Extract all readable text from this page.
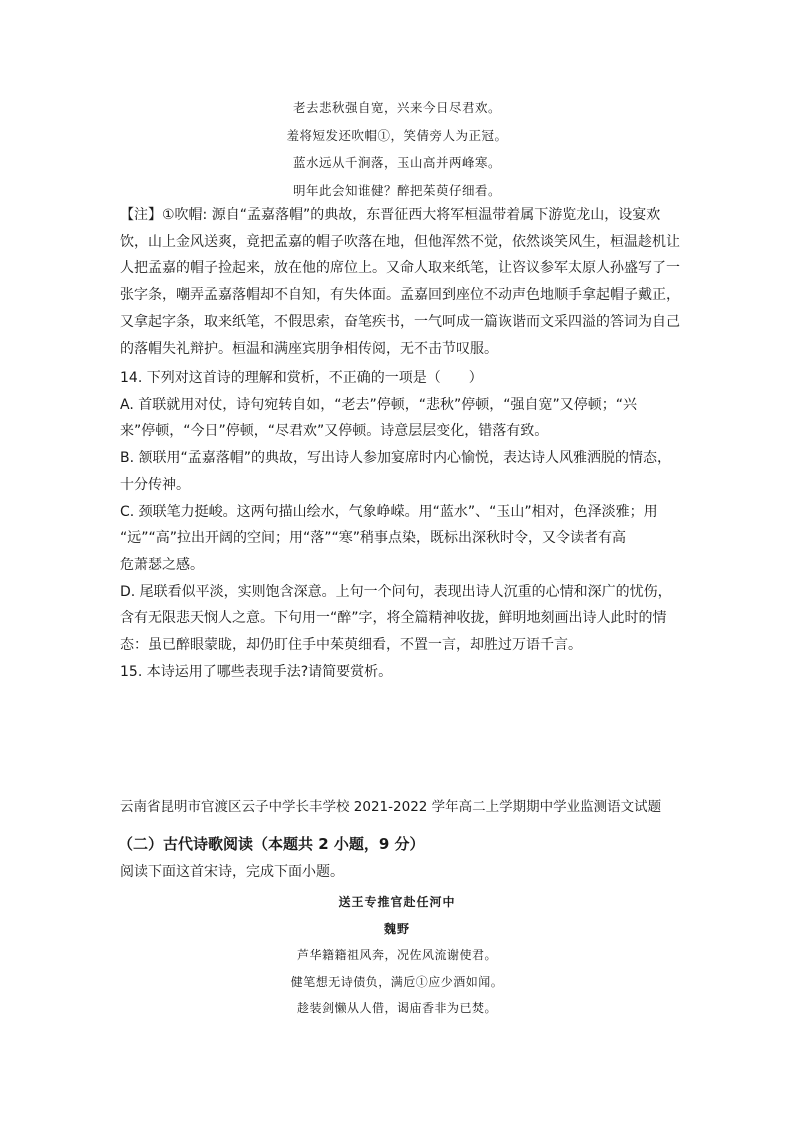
老去悲秋强自宽，兴来今日尽君欢。
羞将短发还吹帽①，笑倩旁人为正冠。
蓝水远从千涧落，玉山高并两峰寒。
明年此会知谁健？醉把茱萸仔细看。

【注】①吹帽: 源自“孟嘉落帽”的典故，东晋征西大将军桓温带着属下游览龙山，设宴欢

饮，山上金风送爽，竟把孟嘉的帽子吹落在地，但他浑然不觉，依然谈笑风生，桓温趁机让

人把孟嘉的帽子捡起来，放在他的席位上。又命人取来纸笔，让咨议参军太原人孙盛写了一

张字条，嘲弄孟嘉落帽却不自知，有失体面。孟嘉回到座位不动声色地顺手拿起帽子戴正，

又拿起字条，取来纸笔，不假思索，奋笔疾书，一气呵成一篇诙谐而文采四溢的答词为自己

的落帽失礼辩护。桓温和满座宾朋争相传阅，无不击节叹服。

14. 下列对这首诗的理解和赏析，不正确的一项是（　　）

A. 首联就用对仗，诗句宛转自如，“老去”停顿，“悲秋”停顿，“强自宽”又停顿；“兴

来”停顿，“今日”停顿，“尽君欢”又停顿。诗意层层变化，错落有致。

B. 颔联用“孟嘉落帽”的典故，写出诗人参加宴席时内心愉悦，表达诗人风雅洒脱的情态，

十分传神。

C. 颈联笔力挺峻。这两句描山绘水，气象峥嵘。用“蓝水”、“玉山”相对，色泽淡雅；用

“远”“高”拉出开阔的空间；用“落”“寒”稍事点染，既标出深秋时令，又令读者有高

危萧瑟之感。

D. 尾联看似平淡，实则饱含深意。上句一个问句，表现出诗人沉重的心情和深广的忧伤，

含有无限悲天悯人之意。下句用一“醉”字，将全篇精神收拢，鲜明地刻画出诗人此时的情

态：虽已醉眼蒙眬，却仍盯住手中茱萸细看，不置一言，却胜过万语千言。

15. 本诗运用了哪些表现手法?请简要赏析。

云南省昆明市官渡区云子中学长丰学校 2021-2022 学年高二上学期期中学业监测语文试题
（二）古代诗歌阅读（本题共 2 小题，9 分）
阅读下面这首宋诗，完成下面小题。
送王专推官赴任河中
魏野
芦华籍籍祖风奔，况佐风流谢使君。
健笔想无诗债负，满卮①应少酒如闻。
趁装剑懒从人借，谒庙香非为已焚。
